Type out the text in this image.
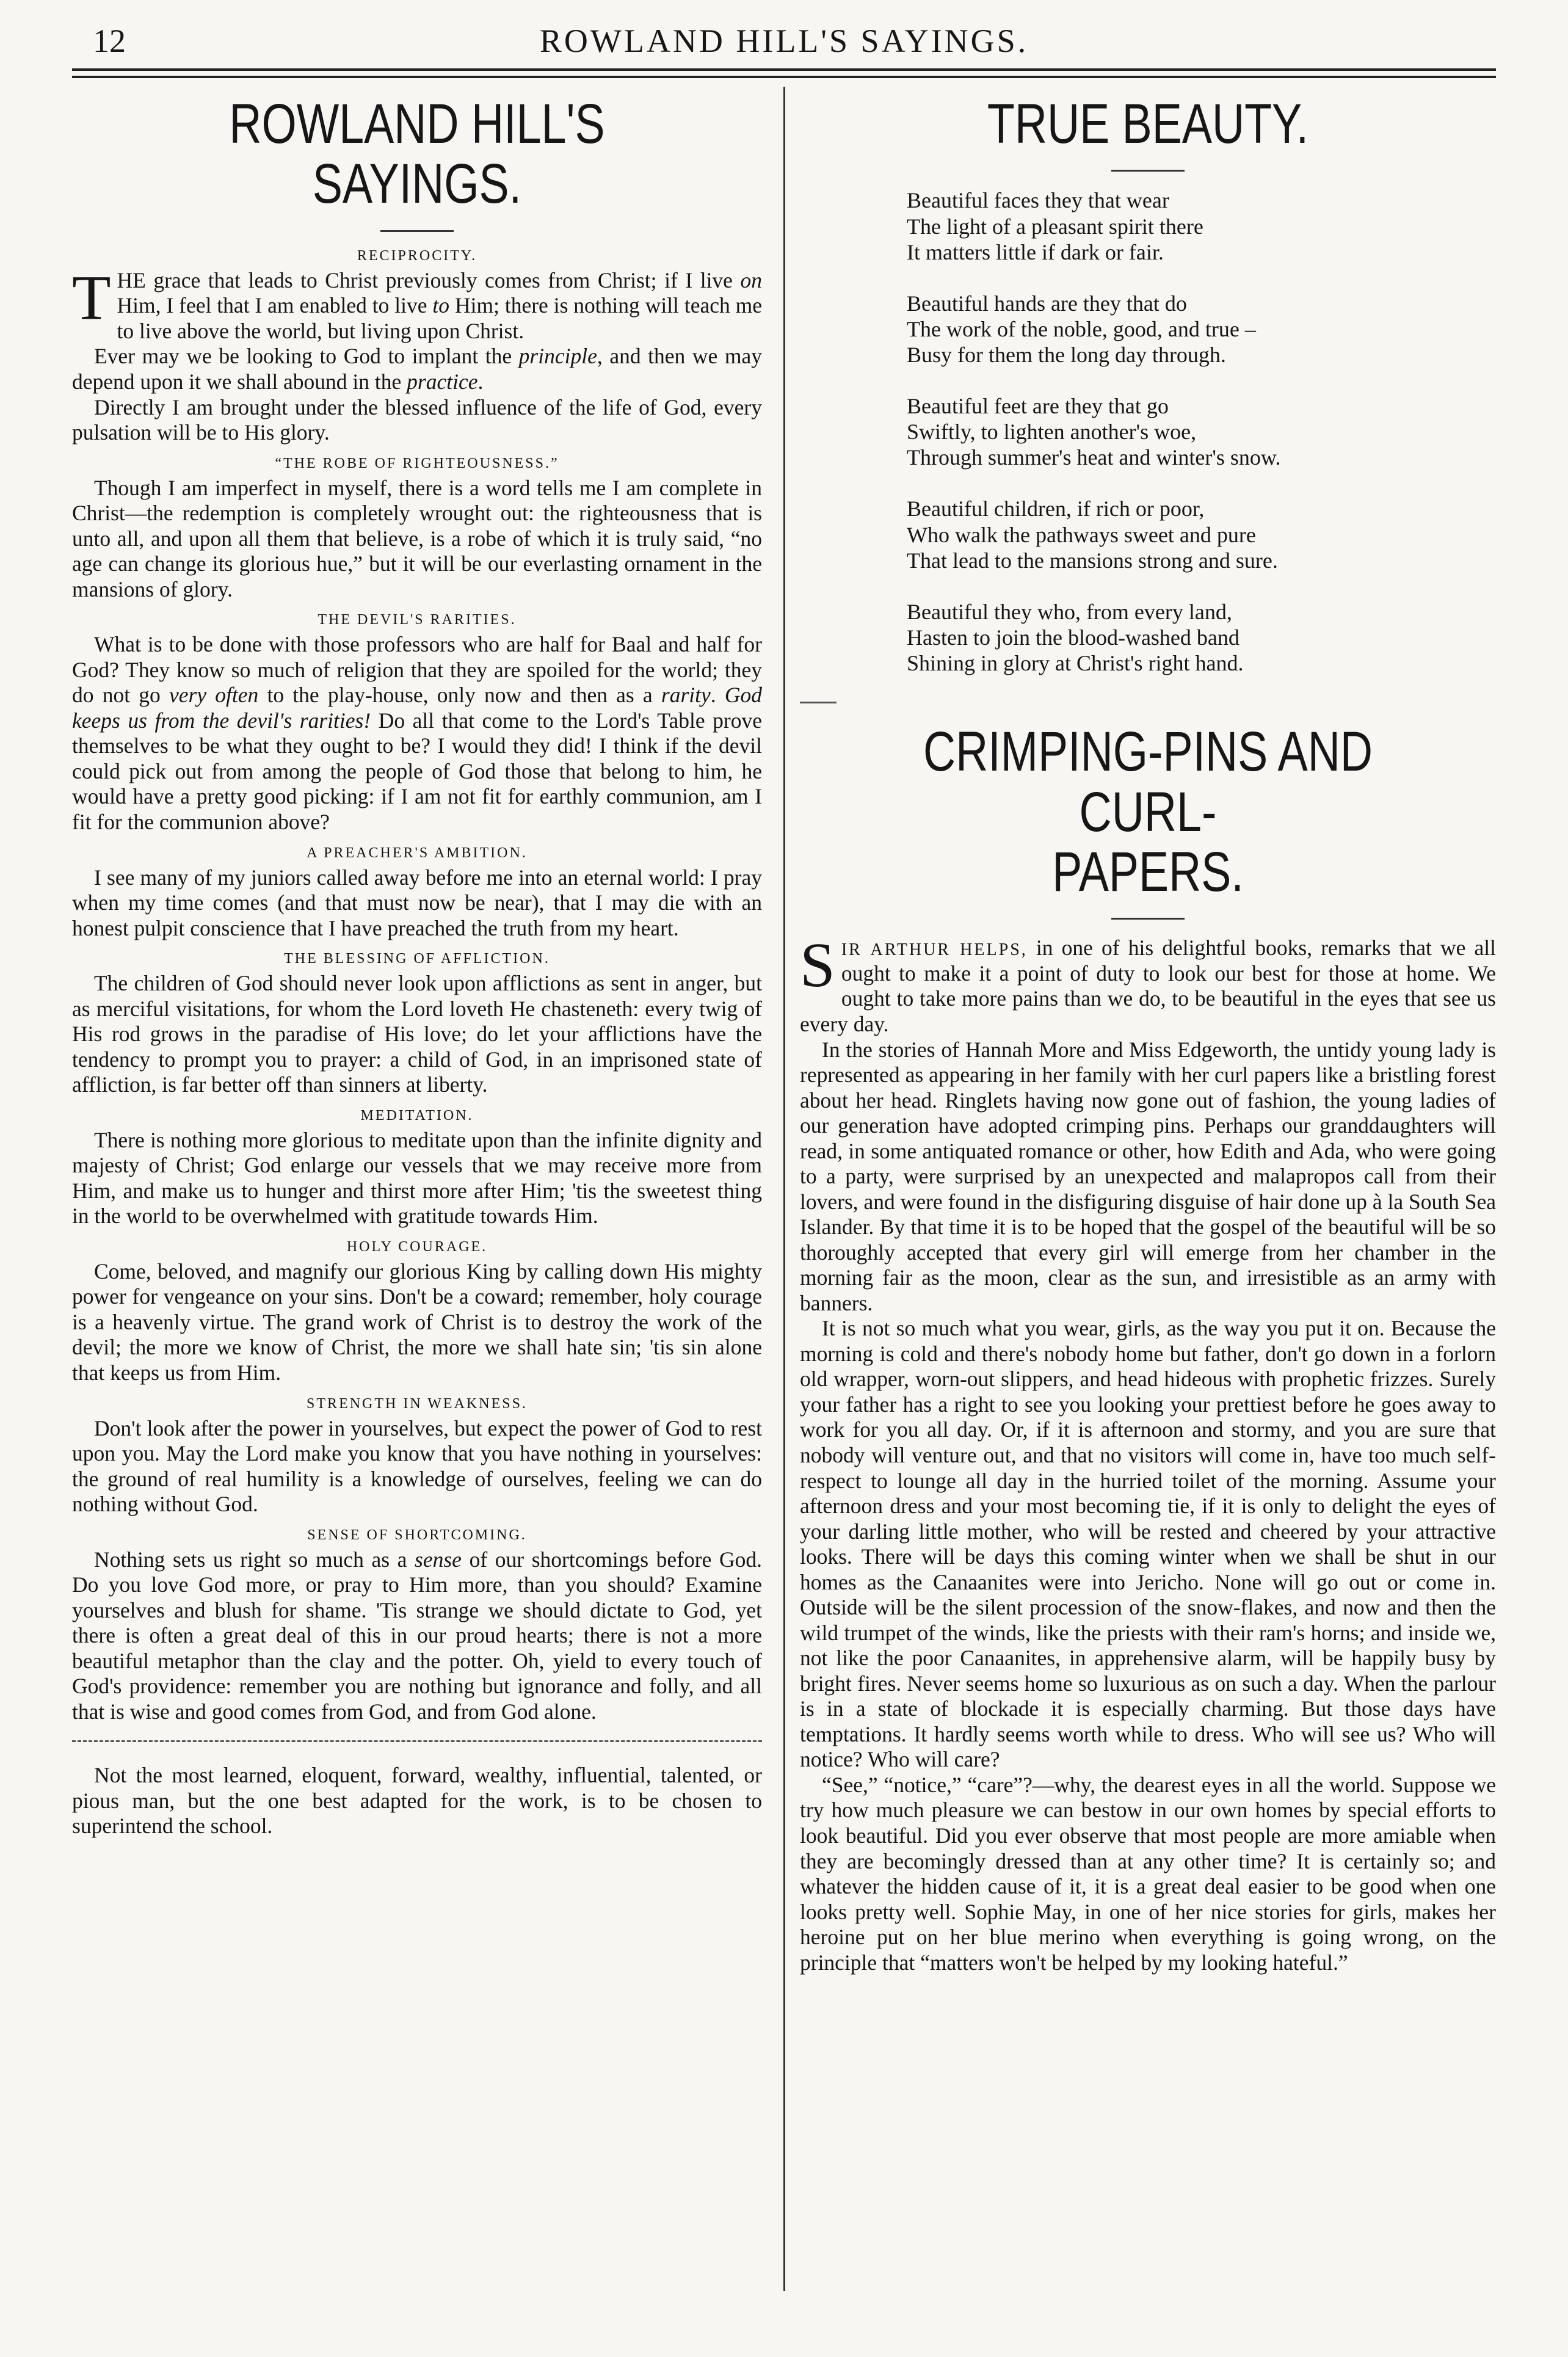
12	ROWLAND HILL'S SAYINGS.
ROWLAND HILL'S SAYINGS.
RECIPROCITY.

THE grace that leads to Christ previously comes from Christ; if I live on Him, I feel that I am enabled to live to Him; there is nothing will teach me to live above the world, but living upon Christ.

Ever may we be looking to God to implant the principle, and then we may depend upon it we shall abound in the practice.

Directly I am brought under the blessed influence of the life of God, every pulsation will be to His glory.

“THE ROBE OF RIGHTEOUSNESS.”

Though I am imperfect in myself, there is a word tells me I am complete in Christ—the redemption is completely wrought out: the righteousness that is unto all, and upon all them that believe, is a robe of which it is truly said, “no age can change its glorious hue,” but it will be our everlasting ornament in the mansions of glory.

THE DEVIL'S RARITIES.

What is to be done with those professors who are half for Baal and half for God? They know so much of religion that they are spoiled for the world; they do not go very often to the play-house, only now and then as a rarity. God keeps us from the devil's rarities! Do all that come to the Lord's Table prove themselves to be what they ought to be? I would they did! I think if the devil could pick out from among the people of God those that belong to him, he would have a pretty good picking: if I am not fit for earthly communion, am I fit for the communion above?

A PREACHER'S AMBITION.

I see many of my juniors called away before me into an eternal world: I pray when my time comes (and that must now be near), that I may die with an honest pulpit conscience that I have preached the truth from my heart.

THE BLESSING OF AFFLICTION.

The children of God should never look upon afflictions as sent in anger, but as merciful visitations, for whom the Lord loveth He chasteneth: every twig of His rod grows in the paradise of His love; do let your afflictions have the tendency to prompt you to prayer: a child of God, in an imprisoned state of affliction, is far better off than sinners at liberty.

MEDITATION.

There is nothing more glorious to meditate upon than the infinite dignity and majesty of Christ; God enlarge our vessels that we may receive more from Him, and make us to hunger and thirst more after Him; 'tis the sweetest thing in the world to be overwhelmed with gratitude towards Him.

HOLY COURAGE.

Come, beloved, and magnify our glorious King by calling down His mighty power for vengeance on your sins. Don't be a coward; remember, holy courage is a heavenly virtue. The grand work of Christ is to destroy the work of the devil; the more we know of Christ, the more we shall hate sin; 'tis sin alone that keeps us from Him.

STRENGTH IN WEAKNESS.

Don't look after the power in yourselves, but expect the power of God to rest upon you. May the Lord make you know that you have nothing in yourselves: the ground of real humility is a knowledge of ourselves, feeling we can do nothing without God.

SENSE OF SHORTCOMING.

Nothing sets us right so much as a sense of our shortcomings before God. Do you love God more, or pray to Him more, than you should? Examine yourselves and blush for shame. 'Tis strange we should dictate to God, yet there is often a great deal of this in our proud hearts; there is not a more beautiful metaphor than the clay and the potter. Oh, yield to every touch of God's providence: remember you are nothing but ignorance and folly, and all that is wise and good comes from God, and from God alone.

Not the most learned, eloquent, forward, wealthy, influential, talented, or pious man, but the one best adapted for the work, is to be chosen to superintend the school.

TRUE BEAUTY.
Beautiful faces they that wear
The light of a pleasant spirit there
It matters little if dark or fair.
Beautiful hands are they that do
The work of the noble, good, and true –
Busy for them the long day through.
Beautiful feet are they that go
Swiftly, to lighten another's woe,
Through summer's heat and winter's snow.
Beautiful children, if rich or poor,
Who walk the pathways sweet and pure
That lead to the mansions strong and sure.
Beautiful they who, from every land,
Hasten to join the blood-washed band
Shining in glory at Christ's right hand.
CRIMPING-PINS AND CURL-
PAPERS.

SIR ARTHUR HELPS, in one of his delightful books, remarks that we all ought to make it a point of duty to look our best for those at home. We ought to take more pains than we do, to be beautiful in the eyes that see us every day.

In the stories of Hannah More and Miss Edgeworth, the untidy young lady is represented as appearing in her family with her curl papers like a bristling forest about her head. Ringlets having now gone out of fashion, the young ladies of our generation have adopted crimping pins. Perhaps our granddaughters will read, in some antiquated romance or other, how Edith and Ada, who were going to a party, were surprised by an unexpected and malapropos call from their lovers, and were found in the disfiguring disguise of hair done up à la South Sea Islander. By that time it is to be hoped that the gospel of the beautiful will be so thoroughly accepted that every girl will emerge from her chamber in the morning fair as the moon, clear as the sun, and irresistible as an army with banners.

It is not so much what you wear, girls, as the way you put it on. Because the morning is cold and there's nobody home but father, don't go down in a forlorn old wrapper, worn-out slippers, and head hideous with prophetic frizzes. Surely your father has a right to see you looking your prettiest before he goes away to work for you all day. Or, if it is afternoon and stormy, and you are sure that nobody will venture out, and that no visitors will come in, have too much self-respect to lounge all day in the hurried toilet of the morning. Assume your afternoon dress and your most becoming tie, if it is only to delight the eyes of your darling little mother, who will be rested and cheered by your attractive looks. There will be days this coming winter when we shall be shut in our homes as the Canaanites were into Jericho. None will go out or come in. Outside will be the silent procession of the snow-flakes, and now and then the wild trumpet of the winds, like the priests with their ram's horns; and inside we, not like the poor Canaanites, in apprehensive alarm, will be happily busy by bright fires. Never seems home so luxurious as on such a day. When the parlour is in a state of blockade it is especially charming. But those days have temptations. It hardly seems worth while to dress. Who will see us? Who will notice? Who will care?

“See,” “notice,” “care”?—why, the dearest eyes in all the world. Suppose we try how much pleasure we can bestow in our own homes by special efforts to look beautiful. Did you ever observe that most people are more amiable when they are becomingly dressed than at any other time? It is certainly so; and whatever the hidden cause of it, it is a great deal easier to be good when one looks pretty well. Sophie May, in one of her nice stories for girls, makes her heroine put on her blue merino when everything is going wrong, on the principle that “matters won't be helped by my looking hateful.”
